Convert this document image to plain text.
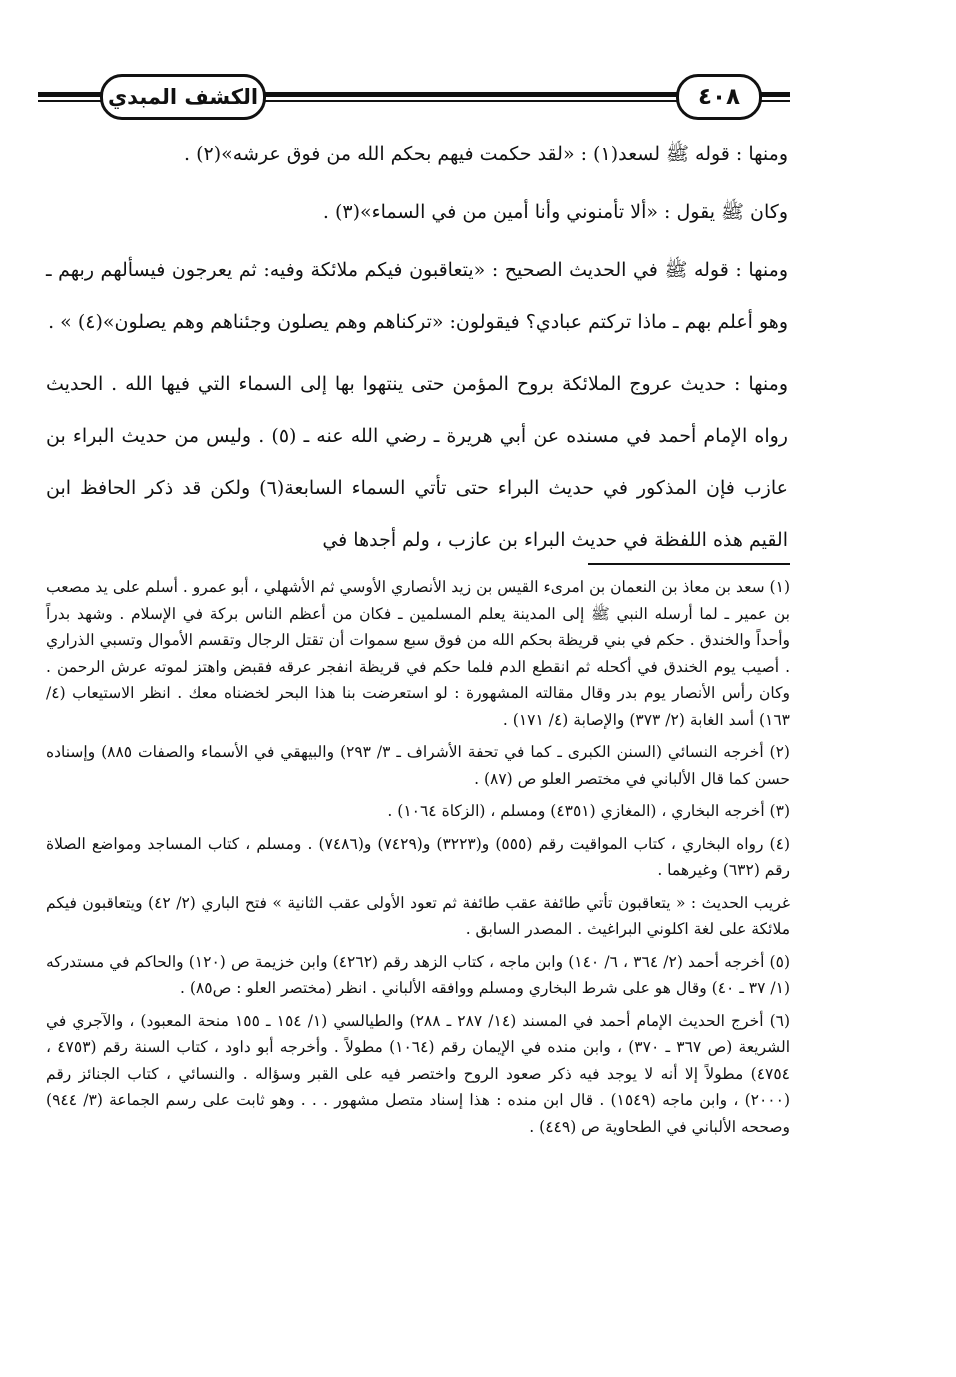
الكشف المبدي	٤٠٨

ومنها : قوله ﷺ لسعد(١) : «لقد حكمت فيهم بحكم الله من فوق عرشه»(٢) .

وكان ﷺ يقول : «ألا تأمنوني وأنا أمين من في السماء»(٣) .

ومنها : قوله ﷺ في الحديث الصحيح : «يتعاقبون فيكم ملائكة وفيه: ثم يعرجون فيسألهم ربهم ـ وهو أعلم بهم ـ ماذا تركتم عبادي؟ فيقولون: «تركناهم وهم يصلون وجئناهم وهم يصلون»(٤) » .

ومنها : حديث عروج الملائكة بروح المؤمن حتى ينتهوا بها إلى السماء التي فيها الله . الحديث رواه الإمام أحمد في مسنده عن أبي هريرة ـ رضي الله عنه ـ (٥) . وليس من حديث البراء بن عازب فإن المذكور في حديث البراء حتى تأتي السماء السابعة(٦) ولكن قد ذكر الحافظ ابن القيم هذه اللفظة في حديث البراء بن عازب ، ولم أجدها في

(١) سعد بن معاذ بن النعمان بن امرىء القيس بن زيد الأنصاري الأوسي ثم الأشهلي ، أبو عمرو . أسلم على يد مصعب بن عمير ـ لما أرسله النبي ﷺ إلى المدينة يعلم المسلمين ـ فكان من أعظم الناس بركة في الإسلام . وشهد بدراً وأحداً والخندق . حكم في بني قريظة بحكم الله من فوق سبع سموات أن تقتل الرجال وتقسم الأموال وتسبي الذراري . أصيب يوم الخندق في أكحله ثم انقطع الدم فلما حكم في قريظة انفجر عرقه فقبض واهتز لموته عرش الرحمن . وكان رأس الأنصار يوم بدر وقال مقالته المشهورة : لو استعرضت بنا هذا البحر لخضناه معك . انظر الاستيعاب (٤/ ١٦٣) أسد الغابة (٢/ ٣٧٣) والإصابة (٤/ ١٧١) .

(٢) أخرجه النسائي (السنن الكبرى ـ كما في تحفة الأشراف ـ ٣/ ٢٩٣) والبيهقي في الأسماء والصفات ٨٨٥) وإسناده حسن كما قال الألباني في مختصر العلو ص (٨٧) .

(٣) أخرجه البخاري ، (المغازي (٤٣٥١) ومسلم ، (الزكاة ١٠٦٤) .

(٤) رواه البخاري ، كتاب المواقيت رقم (٥٥٥) و(٣٢٢٣) و(٧٤٢٩) و(٧٤٨٦) . ومسلم ، كتاب المساجد ومواضع الصلاة رقم (٦٣٢) وغيرهما .

غريب الحديث : « يتعاقبون تأتي طائفة عقب طائفة ثم تعود الأولى عقب الثانية » فتح الباري (٢/ ٤٢) ويتعاقبون فيكم ملائكة على لغة اكلوني البراغيث . المصدر السابق .

(٥) أخرجه أحمد (٢/ ٣٦٤ ، ٦/ ١٤٠) وابن ماجه ، كتاب الزهد رقم (٤٢٦٢) وابن خزيمة ص (١٢٠) والحاكم في مستدركه (١/ ٣٧ ـ ٤٠) وقال هو على شرط البخاري ومسلم ووافقه الألباني . انظر (مختصر العلو : ص٨٥) .

(٦) أخرج الحديث الإمام أحمد في المسند (١٤/ ٢٨٧ ـ ٢٨٨) والطيالسي (١/ ١٥٤ ـ ١٥٥ منحة المعبود) ، والآجري في الشريعة (ص ٣٦٧ ـ ٣٧٠) ، وابن منده في الإيمان رقم (١٠٦٤) مطولاً . وأخرجه أبو داود ، كتاب السنة رقم (٤٧٥٣ ، ٤٧٥٤) مطولاً إلا أنه لا يوجد فيه ذكر صعود الروح واختصر فيه على القبر وسؤاله . والنسائي ، كتاب الجنائز رقم (٢٠٠٠) ، وابن ماجه (١٥٤٩) . قال ابن منده : هذا إسناد متصل مشهور . . . وهو ثابت على رسم الجماعة (٣/ ٩٤٤) وصححه الألباني في الطحاوية ص (٤٤٩) .
